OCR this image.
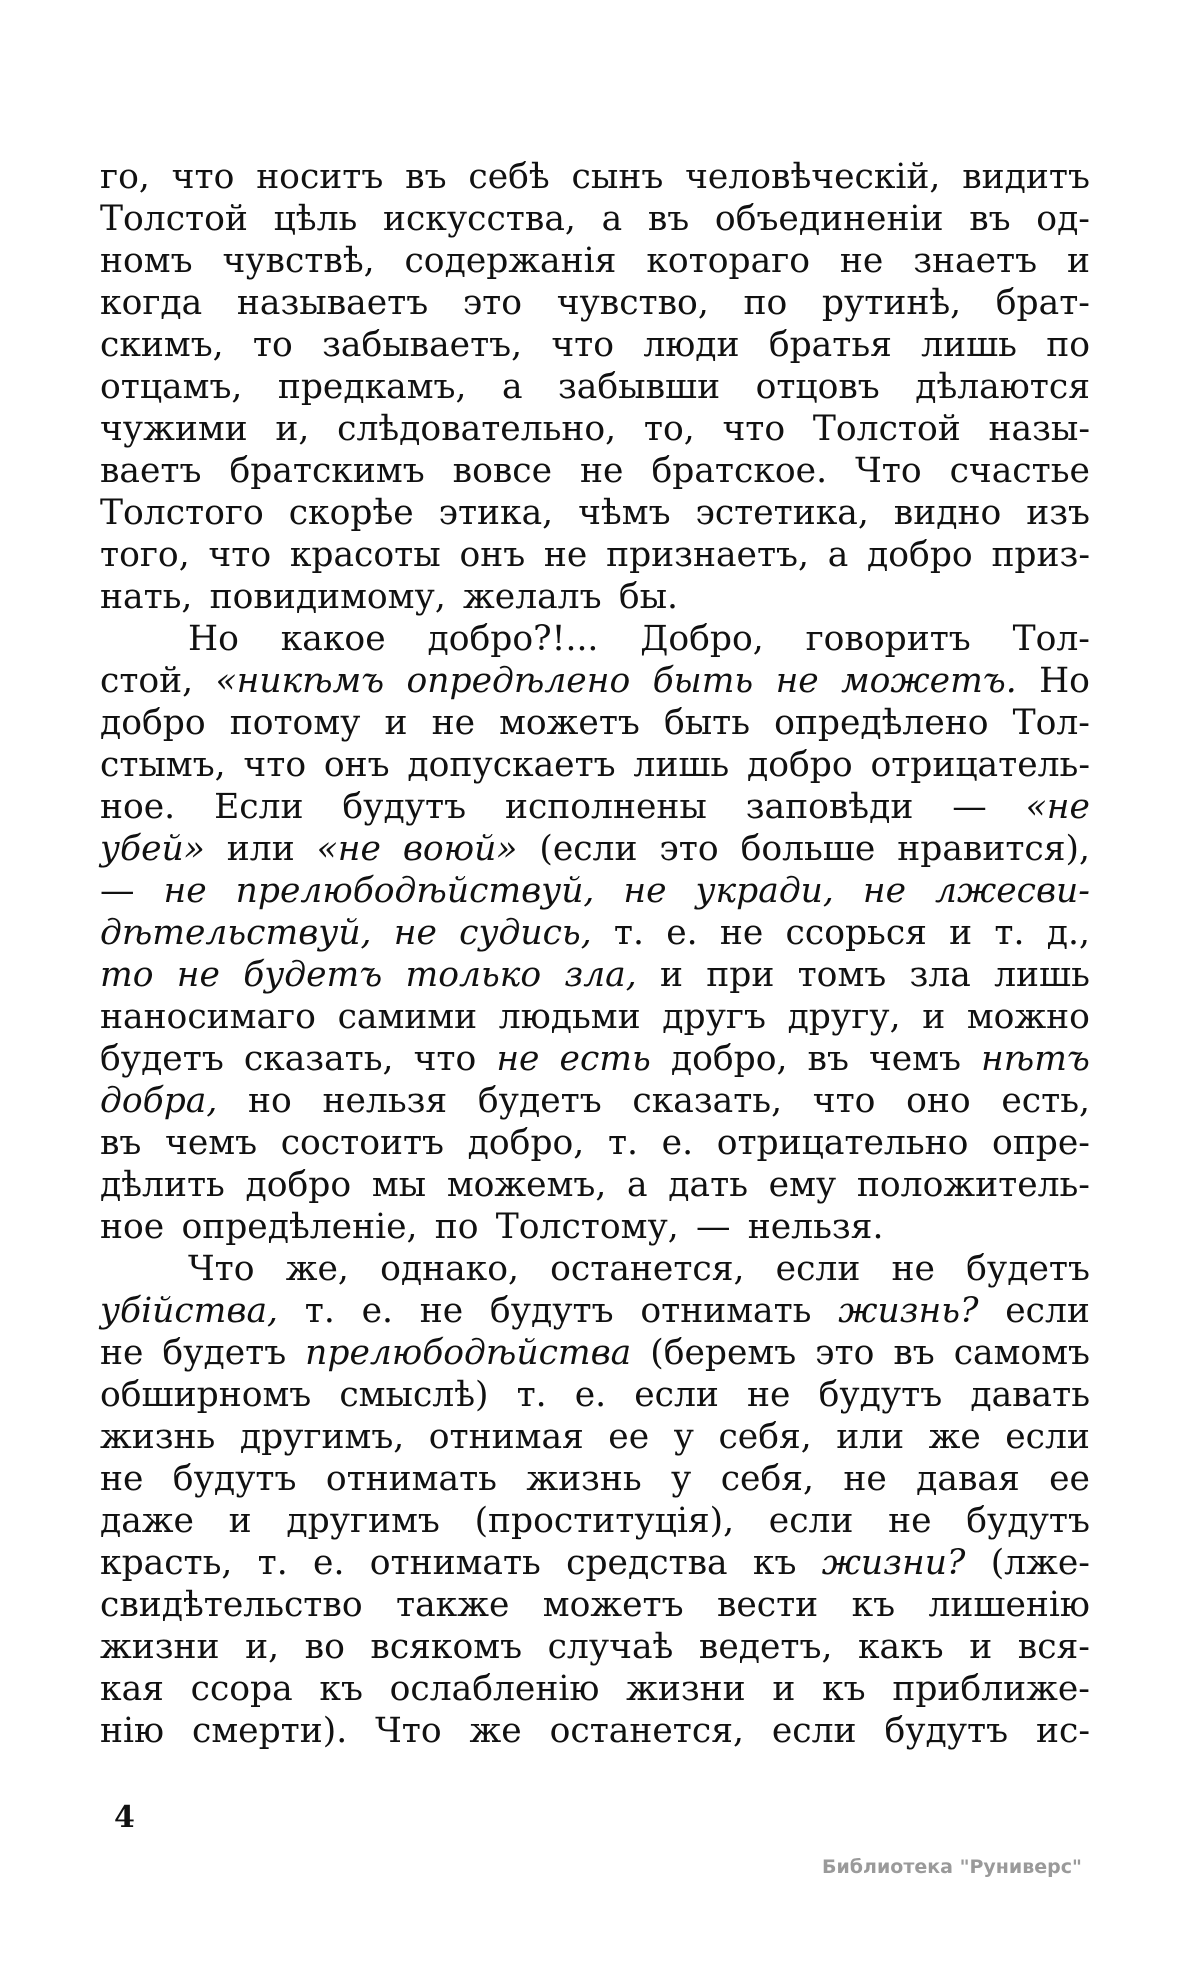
го, что носитъ въ себѣ сынъ человѣческій, видитъ
Толстой цѣль искусства, а въ объединеніи въ од-
номъ чувствѣ, содержанія котораго не знаетъ и
когда называетъ это чувство, по рутинѣ, брат-
скимъ, то забываетъ, что люди братья лишь по
отцамъ, предкамъ, а забывши отцовъ дѣлаются
чужими и, слѣдовательно, то, что Толстой назы-
ваетъ братскимъ вовсе не братское. Что счастье
Толстого скорѣе этика, чѣмъ эстетика, видно изъ
того, что красоты онъ не признаетъ, а добро приз-
нать, повидимому, желалъ бы.
Но какое добро?!... Добро, говоритъ Тол-
стой, «никѣмъ опредѣлено быть не можетъ. Но
добро потому и не можетъ быть опредѣлено Тол-
стымъ, что онъ допускаетъ лишь добро отрицатель-
ное. Если будутъ исполнены заповѣди — «не
убей» или «не воюй» (если это больше нравится),
— не прелюбодѣйствуй, не укради, не лжесви-
дѣтельствуй, не судись, т. е. не ссорься и т. д.,
то не будетъ только зла, и при томъ зла лишь
наносимаго самими людьми другъ другу, и можно
будетъ сказать, что не есть добро, въ чемъ нѣтъ
добра, но нельзя будетъ сказать, что оно есть,
въ чемъ состоитъ добро, т. е. отрицательно опре-
дѣлить добро мы можемъ, а дать ему положитель-
ное опредѣленіе, по Толстому, — нельзя.
Что же, однако, останется, если не будетъ
убійства, т. е. не будутъ отнимать жизнь? если
не будетъ прелюбодѣйства (беремъ это въ самомъ
обширномъ смыслѣ) т. е. если не будутъ давать
жизнь другимъ, отнимая ее у себя, или же если
не будутъ отнимать жизнь у себя, не давая ее
даже и другимъ (проституція), если не будутъ
красть, т. е. отнимать средства къ жизни? (лже-
свидѣтельство также можетъ вести къ лишенію
жизни и, во всякомъ случаѣ ведетъ, какъ и вся-
кая ссора къ ослабленію жизни и къ приближе-
нію смерти). Что же останется, если будутъ ис-
4
Библиотека "Руниверс"
